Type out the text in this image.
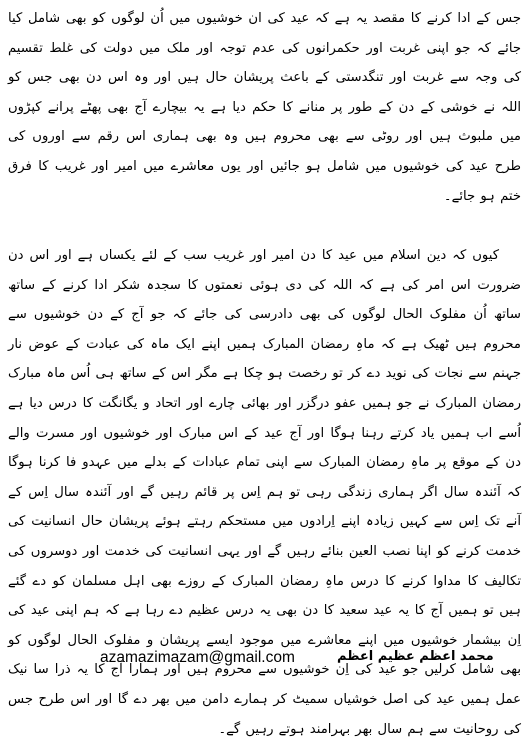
جس کے ادا کرنے کا مقصد یہ ہے کہ عید کی ان خوشیوں میں اُن لوگوں کو بھی شامل کیا جائے کہ جو اپنی غربت اور حکمرانوں کی عدم توجہ اور ملک میں دولت کی غلط تقسیم کی وجہ سے غربت اور تنگدستی کے باعث پریشان حال ہیں اور وہ اس دن بھی جس کو اللہ نے خوشی کے دن کے طور پر منانے کا حکم دیا ہے یہ بیچارے آج بھی پھٹے پرانے کپڑوں میں ملبوث ہیں اور روٹی سے بھی محروم ہیں وہ بھی ہماری اس رقم سے اوروں کی طرح عید کی خوشیوں میں شامل ہو جائیں اور یوں معاشرے میں امیر اور غریب کا فرق ختم ہو جائے۔

کیوں کہ دین اسلام میں عید کا دن امیر اور غریب سب کے لئے یکساں ہے اور اس دن ضرورت اس امر کی ہے کہ اللہ کی دی ہوئی نعمتوں کا سجدہ شکر ادا کرنے کے ساتھ ساتھ اُن مفلوک الحال لوگوں کی بھی دادرسی کی جائے کہ جو آج کے دن خوشیوں سے محروم ہیں ٹھیک ہے کہ ماہِ رمضان المبارک ہمیں اپنے ایک ماہ کی عبادت کے عوض نار جہنم سے نجات کی نوید دے کر تو رخصت ہو چکا ہے مگر اس کے ساتھ ہی اُس ماہ مبارک رمضان المبارک نے جو ہمیں عفو درگزر اور بھائی چارے اور اتحاد و یگانگت کا درس دیا ہے اُسے اب ہمیں یاد کرتے رہنا ہوگا اور آج عید کے اس مبارک اور خوشیوں اور مسرت والے دن کے موقع پر ماہِ رمضان المبارک سے اپنی تمام عبادات کے بدلے میں عہدو فا کرنا ہوگا کہ آئندہ سال اگر ہماری زندگی رہی تو ہم اِس پر قائم رہیں گے اور آئندہ سال اِس کے آنے تک اِس سے کہیں زیادہ اپنے اِرادوں میں مستحکم رہتے ہوئے پریشان حال انسانیت کی خدمت کرنے کو اپنا نصب العین بنائے رہیں گے اور یہی انسانیت کی خدمت اور دوسروں کی تکالیف کا مداوا کرنے کا درس ماہِ رمضان المبارک کے روزے بھی اہل مسلمان کو دے گئے ہیں تو ہمیں آج کا یہ عید سعید کا دن بھی یہ درس عظیم دے رہا ہے کہ ہم اپنی عید کی اِن بیشمار خوشیوں میں اپنے معاشرے میں موجود ایسے پریشان و مفلوک الحال لوگوں کو بھی شامل کرلیں جو عید کی اِن خوشیوں سے محروم ہیں اور ہمارا آج کا یہ ذرا سا نیک عمل ہمیں عید کی اصل خوشیاں سمیٹ کر ہمارے دامن میں بھر دے گا اور اس طرح جس کی روحانیت سے ہم سال بھر بہرامند ہوتے رہیں گے۔

azamazimazam@gmail.com	محمد اعظم عظیم اعظم
